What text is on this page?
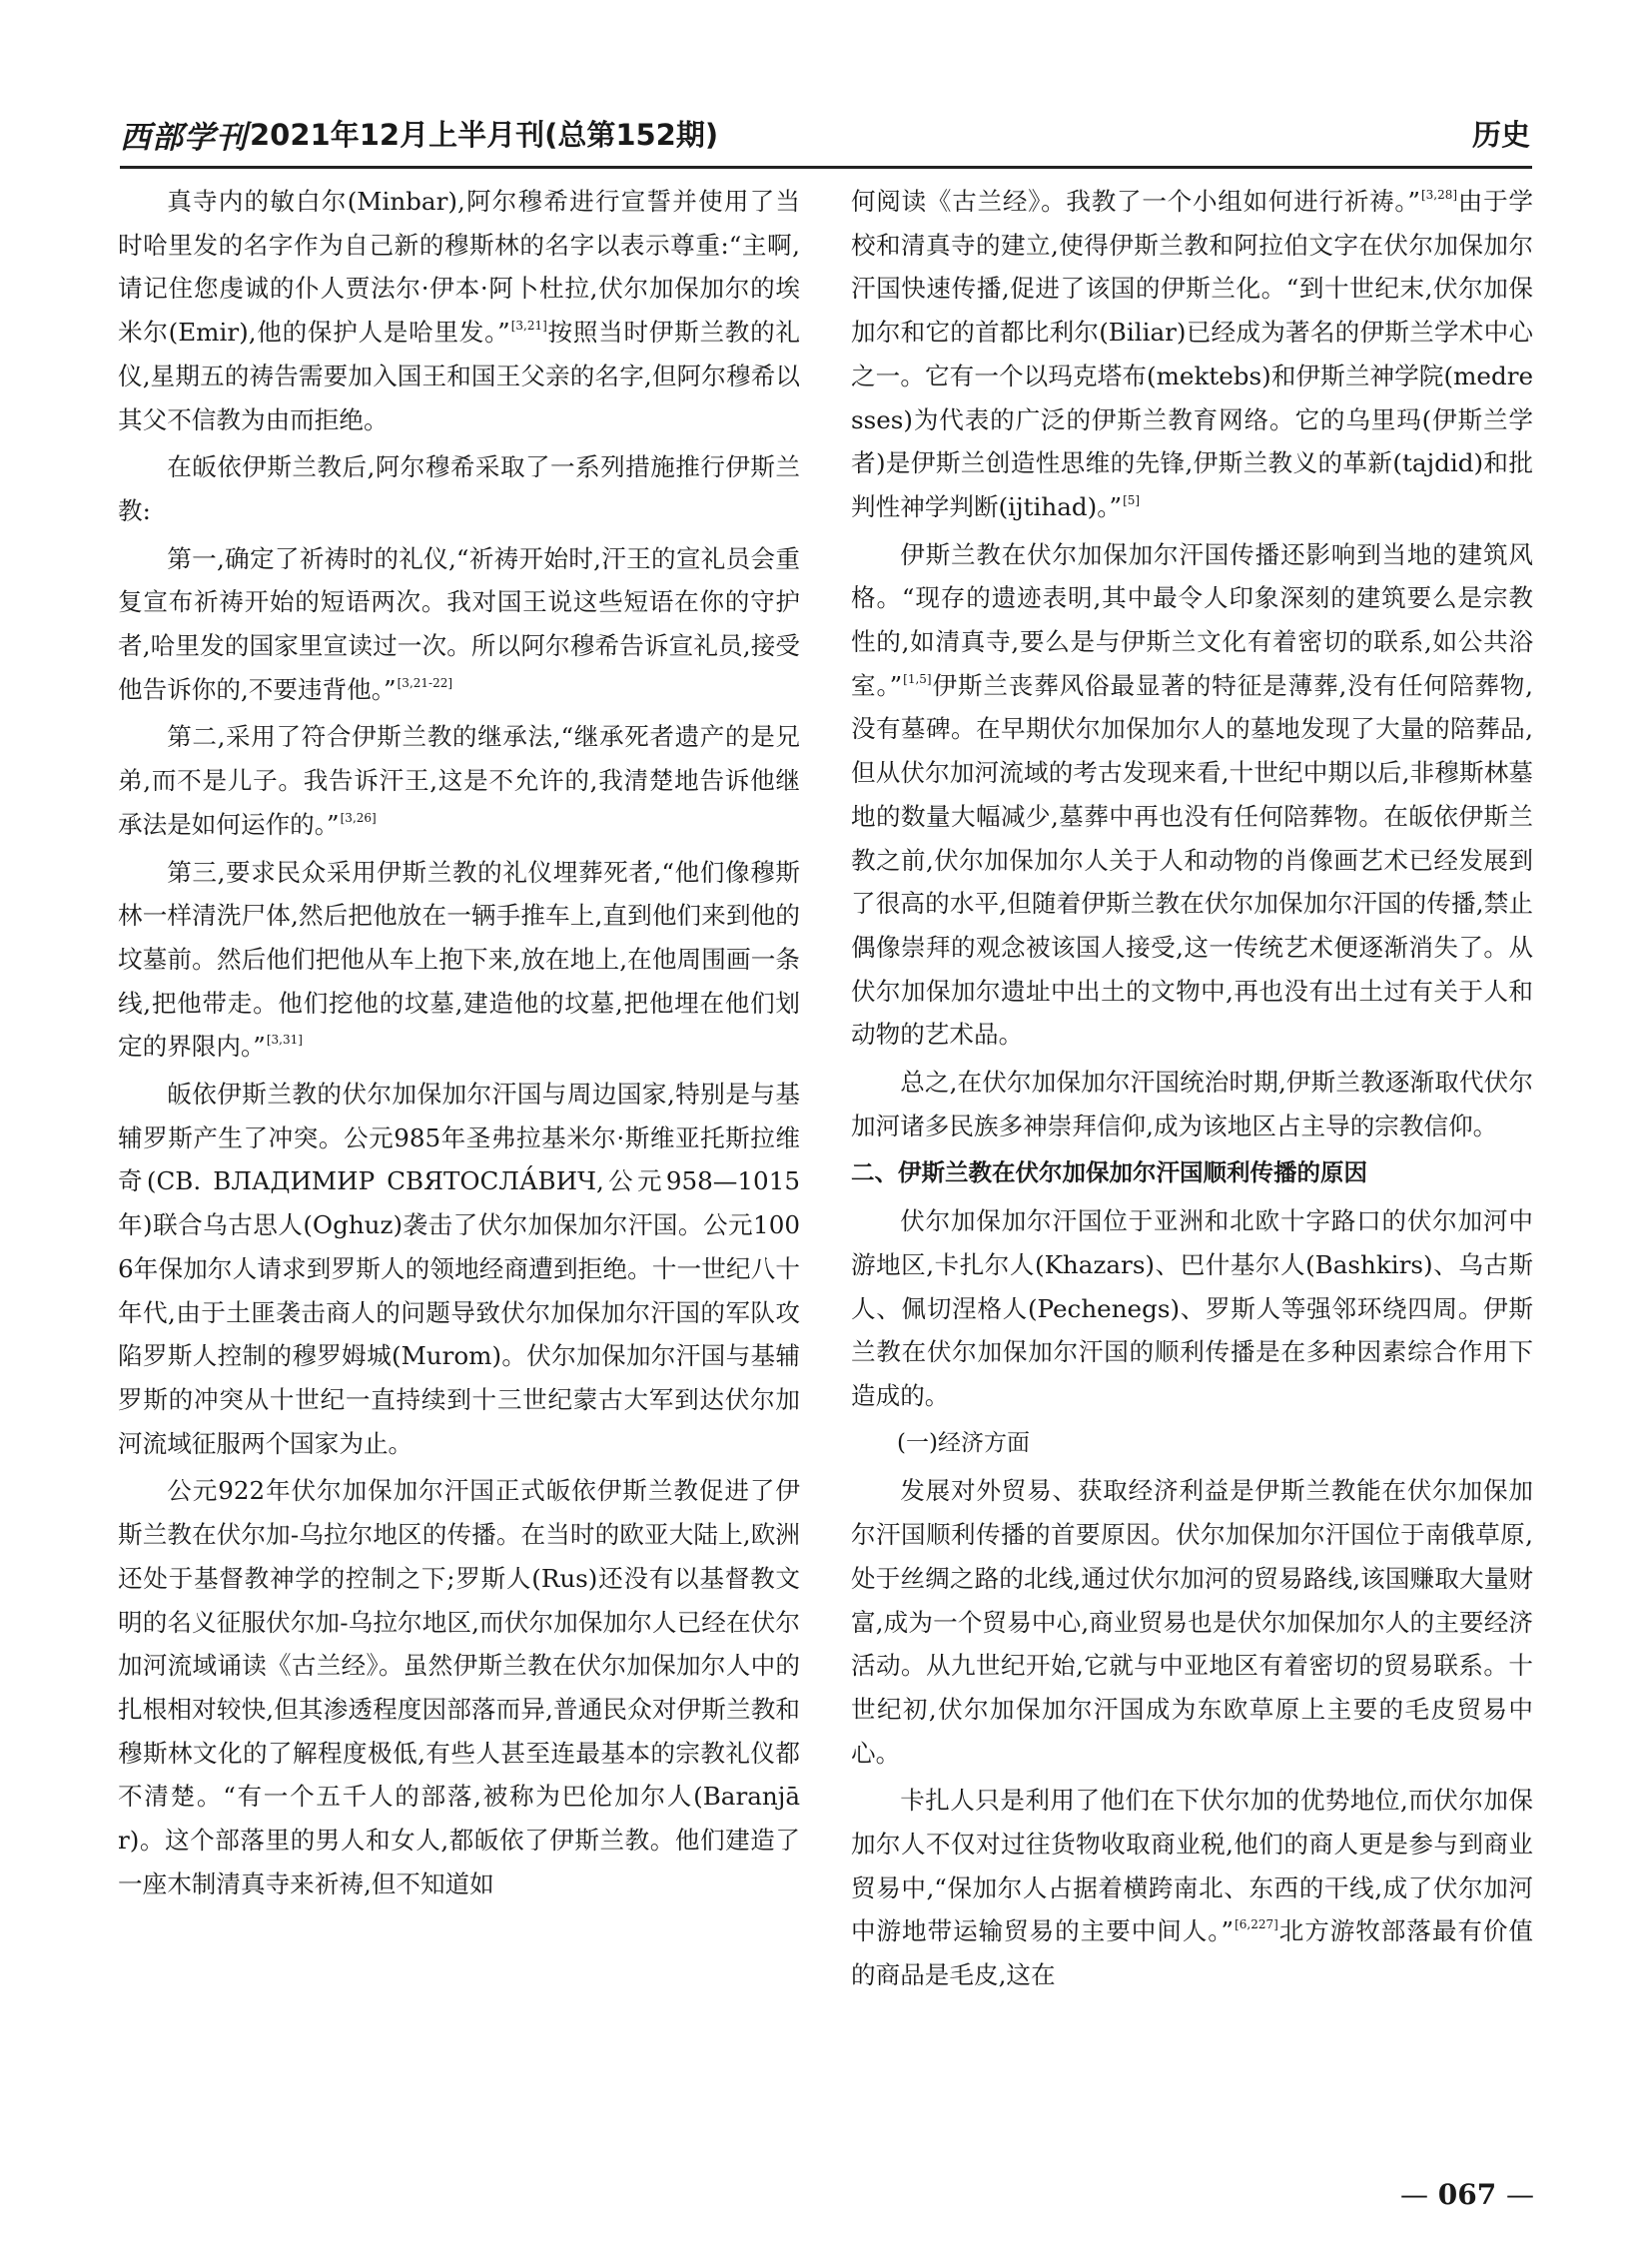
西部学刊 2021年12月上半月刊(总第152期)	历史

真寺内的敏白尔(Minbar),阿尔穆希进行宣誓并使用了当时哈里发的名字作为自己新的穆斯林的名字以表示尊重:“主啊,请记住您虔诚的仆人贾法尔·伊本·阿卜杜拉,伏尔加保加尔的埃米尔(Emir),他的保护人是哈里发。”[3,21]按照当时伊斯兰教的礼仪,星期五的祷告需要加入国王和国王父亲的名字,但阿尔穆希以其父不信教为由而拒绝。

在皈依伊斯兰教后,阿尔穆希采取了一系列措施推行伊斯兰教:

第一,确定了祈祷时的礼仪,“祈祷开始时,汗王的宣礼员会重复宣布祈祷开始的短语两次。我对国王说这些短语在你的守护者,哈里发的国家里宣读过一次。所以阿尔穆希告诉宣礼员,接受他告诉你的,不要违背他。”[3,21-22]

第二,采用了符合伊斯兰教的继承法,“继承死者遗产的是兄弟,而不是儿子。我告诉汗王,这是不允许的,我清楚地告诉他继承法是如何运作的。”[3,26]

第三,要求民众采用伊斯兰教的礼仪埋葬死者,“他们像穆斯林一样清洗尸体,然后把他放在一辆手推车上,直到他们来到他的坟墓前。然后他们把他从车上抱下来,放在地上,在他周围画一条线,把他带走。他们挖他的坟墓,建造他的坟墓,把他埋在他们划定的界限内。”[3,31]

皈依伊斯兰教的伏尔加保加尔汗国与周边国家,特别是与基辅罗斯产生了冲突。公元985年圣弗拉基米尔·斯维亚托斯拉维奇(CB. ВЛАДИМИР СВЯТОСЛА́ВИЧ,公元958—1015年)联合乌古思人(Oghuz)袭击了伏尔加保加尔汗国。公元1006年保加尔人请求到罗斯人的领地经商遭到拒绝。十一世纪八十年代,由于土匪袭击商人的问题导致伏尔加保加尔汗国的军队攻陷罗斯人控制的穆罗姆城(Murom)。伏尔加保加尔汗国与基辅罗斯的冲突从十世纪一直持续到十三世纪蒙古大军到达伏尔加河流域征服两个国家为止。

公元922年伏尔加保加尔汗国正式皈依伊斯兰教促进了伊斯兰教在伏尔加-乌拉尔地区的传播。在当时的欧亚大陆上,欧洲还处于基督教神学的控制之下;罗斯人(Rus)还没有以基督教文明的名义征服伏尔加-乌拉尔地区,而伏尔加保加尔人已经在伏尔加河流域诵读《古兰经》。虽然伊斯兰教在伏尔加保加尔人中的扎根相对较快,但其渗透程度因部落而异,普通民众对伊斯兰教和穆斯林文化的了解程度极低,有些人甚至连最基本的宗教礼仪都不清楚。“有一个五千人的部落,被称为巴伦加尔人(Baranjār)。这个部落里的男人和女人,都皈依了伊斯兰教。他们建造了一座木制清真寺来祈祷,但不知道如

何阅读《古兰经》。我教了一个小组如何进行祈祷。”[3,28]由于学校和清真寺的建立,使得伊斯兰教和阿拉伯文字在伏尔加保加尔汗国快速传播,促进了该国的伊斯兰化。“到十世纪末,伏尔加保加尔和它的首都比利尔(Biliar)已经成为著名的伊斯兰学术中心之一。它有一个以玛克塔布(mektebs)和伊斯兰神学院(medresses)为代表的广泛的伊斯兰教育网络。它的乌里玛(伊斯兰学者)是伊斯兰创造性思维的先锋,伊斯兰教义的革新(tajdid)和批判性神学判断(ijtihad)。”[5]

伊斯兰教在伏尔加保加尔汗国传播还影响到当地的建筑风格。“现存的遗迹表明,其中最令人印象深刻的建筑要么是宗教性的,如清真寺,要么是与伊斯兰文化有着密切的联系,如公共浴室。”[1,5]伊斯兰丧葬风俗最显著的特征是薄葬,没有任何陪葬物,没有墓碑。在早期伏尔加保加尔人的墓地发现了大量的陪葬品,但从伏尔加河流域的考古发现来看,十世纪中期以后,非穆斯林墓地的数量大幅减少,墓葬中再也没有任何陪葬物。在皈依伊斯兰教之前,伏尔加保加尔人关于人和动物的肖像画艺术已经发展到了很高的水平,但随着伊斯兰教在伏尔加保加尔汗国的传播,禁止偶像崇拜的观念被该国人接受,这一传统艺术便逐渐消失了。从伏尔加保加尔遗址中出土的文物中,再也没有出土过有关于人和动物的艺术品。

总之,在伏尔加保加尔汗国统治时期,伊斯兰教逐渐取代伏尔加河诸多民族多神崇拜信仰,成为该地区占主导的宗教信仰。

二、伊斯兰教在伏尔加保加尔汗国顺利传播的原因

伏尔加保加尔汗国位于亚洲和北欧十字路口的伏尔加河中游地区,卡扎尔人(Khazars)、巴什基尔人(Bashkirs)、乌古斯人、佩切涅格人(Pechenegs)、罗斯人等强邻环绕四周。伊斯兰教在伏尔加保加尔汗国的顺利传播是在多种因素综合作用下造成的。

(一)经济方面

发展对外贸易、获取经济利益是伊斯兰教能在伏尔加保加尔汗国顺利传播的首要原因。伏尔加保加尔汗国位于南俄草原,处于丝绸之路的北线,通过伏尔加河的贸易路线,该国赚取大量财富,成为一个贸易中心,商业贸易也是伏尔加保加尔人的主要经济活动。从九世纪开始,它就与中亚地区有着密切的贸易联系。十世纪初,伏尔加保加尔汗国成为东欧草原上主要的毛皮贸易中心。

卡扎人只是利用了他们在下伏尔加的优势地位,而伏尔加保加尔人不仅对过往货物收取商业税,他们的商人更是参与到商业贸易中,“保加尔人占据着横跨南北、东西的干线,成了伏尔加河中游地带运输贸易的主要中间人。”[6,227]北方游牧部落最有价值的商品是毛皮,这在

— 067 —
